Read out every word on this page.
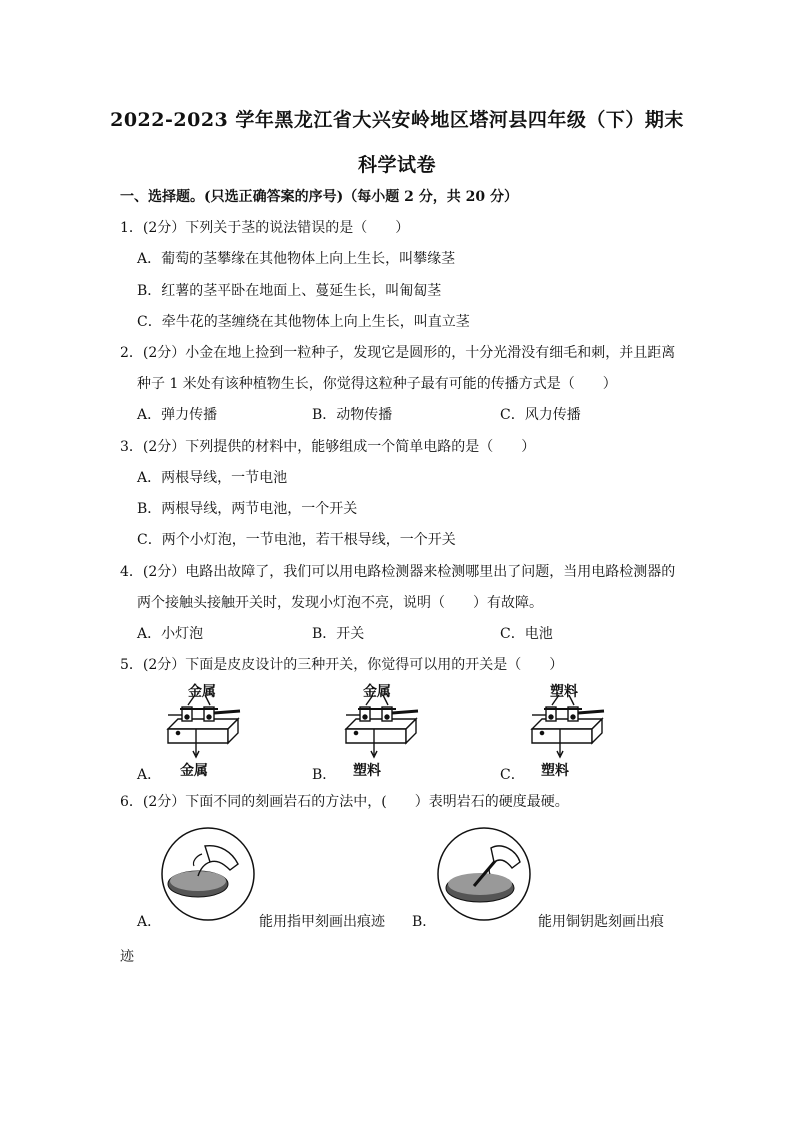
2022-2023 学年黑龙江省大兴安岭地区塔河县四年级（下）期末
科学试卷
一、选择题。(只选正确答案的序号)（每小题 2 分，共 20 分）
1．(2分）下列关于茎的说法错误的是（　　）
A．葡萄的茎攀缘在其他物体上向上生长，叫攀缘茎
B．红薯的茎平卧在地面上、蔓延生长，叫匍匐茎
C．牵牛花的茎缠绕在其他物体上向上生长，叫直立茎
2．(2分）小金在地上捡到一粒种子，发现它是圆形的，十分光滑没有细毛和刺，并且距离
种子 1 米处有该种植物生长，你觉得这粒种子最有可能的传播方式是（　　）
A．弹力传播	B．动物传播	C．风力传播
3．(2分）下列提供的材料中，能够组成一个简单电路的是（　　）
A．两根导线，一节电池
B．两根导线，两节电池，一个开关
C．两个小灯泡，一节电池，若干根导线，一个开关
4．(2分）电路出故障了，我们可以用电路检测器来检测哪里出了问题，当用电路检测器的
两个接触头接触开关时，发现小灯泡不亮，说明（　　）有故障。
A．小灯泡	B．开关	C．电池
5．(2分）下面是皮皮设计的三种开关，你觉得可以用的开关是（　　）
A．
金属
金属	B．
金属
塑料	C．
塑料
塑料
6．(2分）下面不同的刻画岩石的方法中，(　　）表明岩石的硬度最硬。
A．	能用指甲刻画出痕迹 B．	能用铜钥匙刻画出痕
迹
